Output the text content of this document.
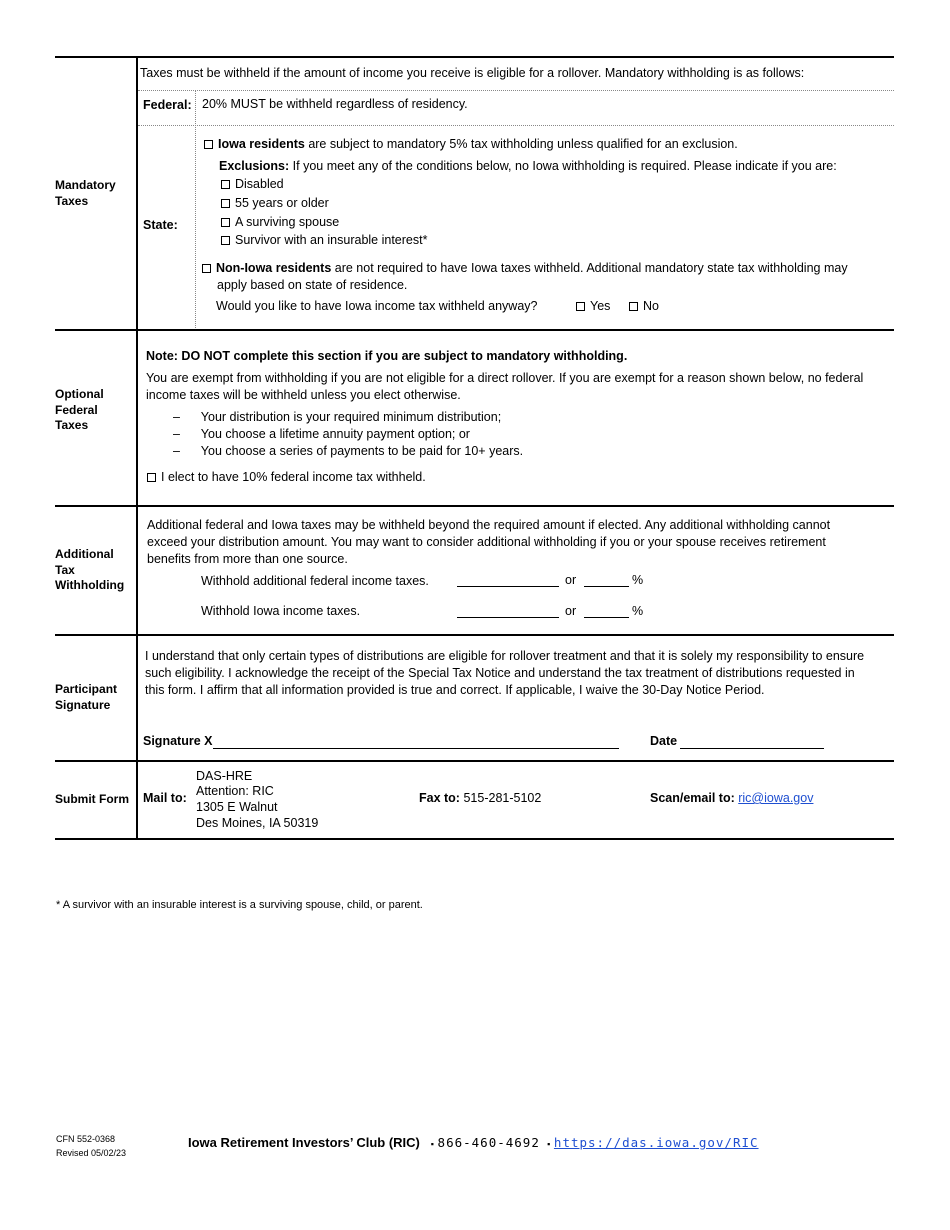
Mandatory Taxes
Taxes must be withheld if the amount of income you receive is eligible for a rollover. Mandatory withholding is as follows:
Federal: 20% MUST be withheld regardless of residency.
State:
Iowa residents are subject to mandatory 5% tax withholding unless qualified for an exclusion.
Exclusions: If you meet any of the conditions below, no Iowa withholding is required. Please indicate if you are:
Disabled
55 years or older
A surviving spouse
Survivor with an insurable interest*
Non-Iowa residents are not required to have Iowa taxes withheld. Additional mandatory state tax withholding may
apply based on state of residence.
Would you like to have Iowa income tax withheld anyway?	Yes	No
Optional Federal Taxes
Note: DO NOT complete this section if you are subject to mandatory withholding.
You are exempt from withholding if you are not eligible for a direct rollover. If you are exempt for a reason shown below, no federal income taxes will be withheld unless you elect otherwise.
–      Your distribution is your required minimum distribution;
–      You choose a lifetime annuity payment option; or
–      You choose a series of payments to be paid for 10+ years.
I elect to have 10% federal income tax withheld.
Additional Tax Withholding
Additional federal and Iowa taxes may be withheld beyond the required amount if elected. Any additional withholding cannot exceed your distribution amount. You may want to consider additional withholding if you or your spouse receives retirement benefits from more than one source.
Withhold additional federal income taxes.	or	%
Withhold Iowa income taxes.	or	%
Participant Signature
I understand that only certain types of distributions are eligible for rollover treatment and that it is solely my responsibility to ensure such eligibility. I acknowledge the receipt of the Special Tax Notice and understand the tax treatment of distributions requested in this form. I affirm that all information provided is true and correct. If applicable, I waive the 30-Day Notice Period.
Signature X	Date
Submit Form Mail to:
DAS-HRE
Attention: RIC
1305 E Walnut
Des Moines, IA 50319
Fax to: 515-281-5102	Scan/email to: ric@iowa.gov
* A survivor with an insurable interest is a surviving spouse, child, or parent.
CFN 552-0368
Revised 05/02/23
Iowa Retirement Investors’ Club (RIC) ▪ 866-460-4692 ▪ https://das.iowa.gov/RIC
